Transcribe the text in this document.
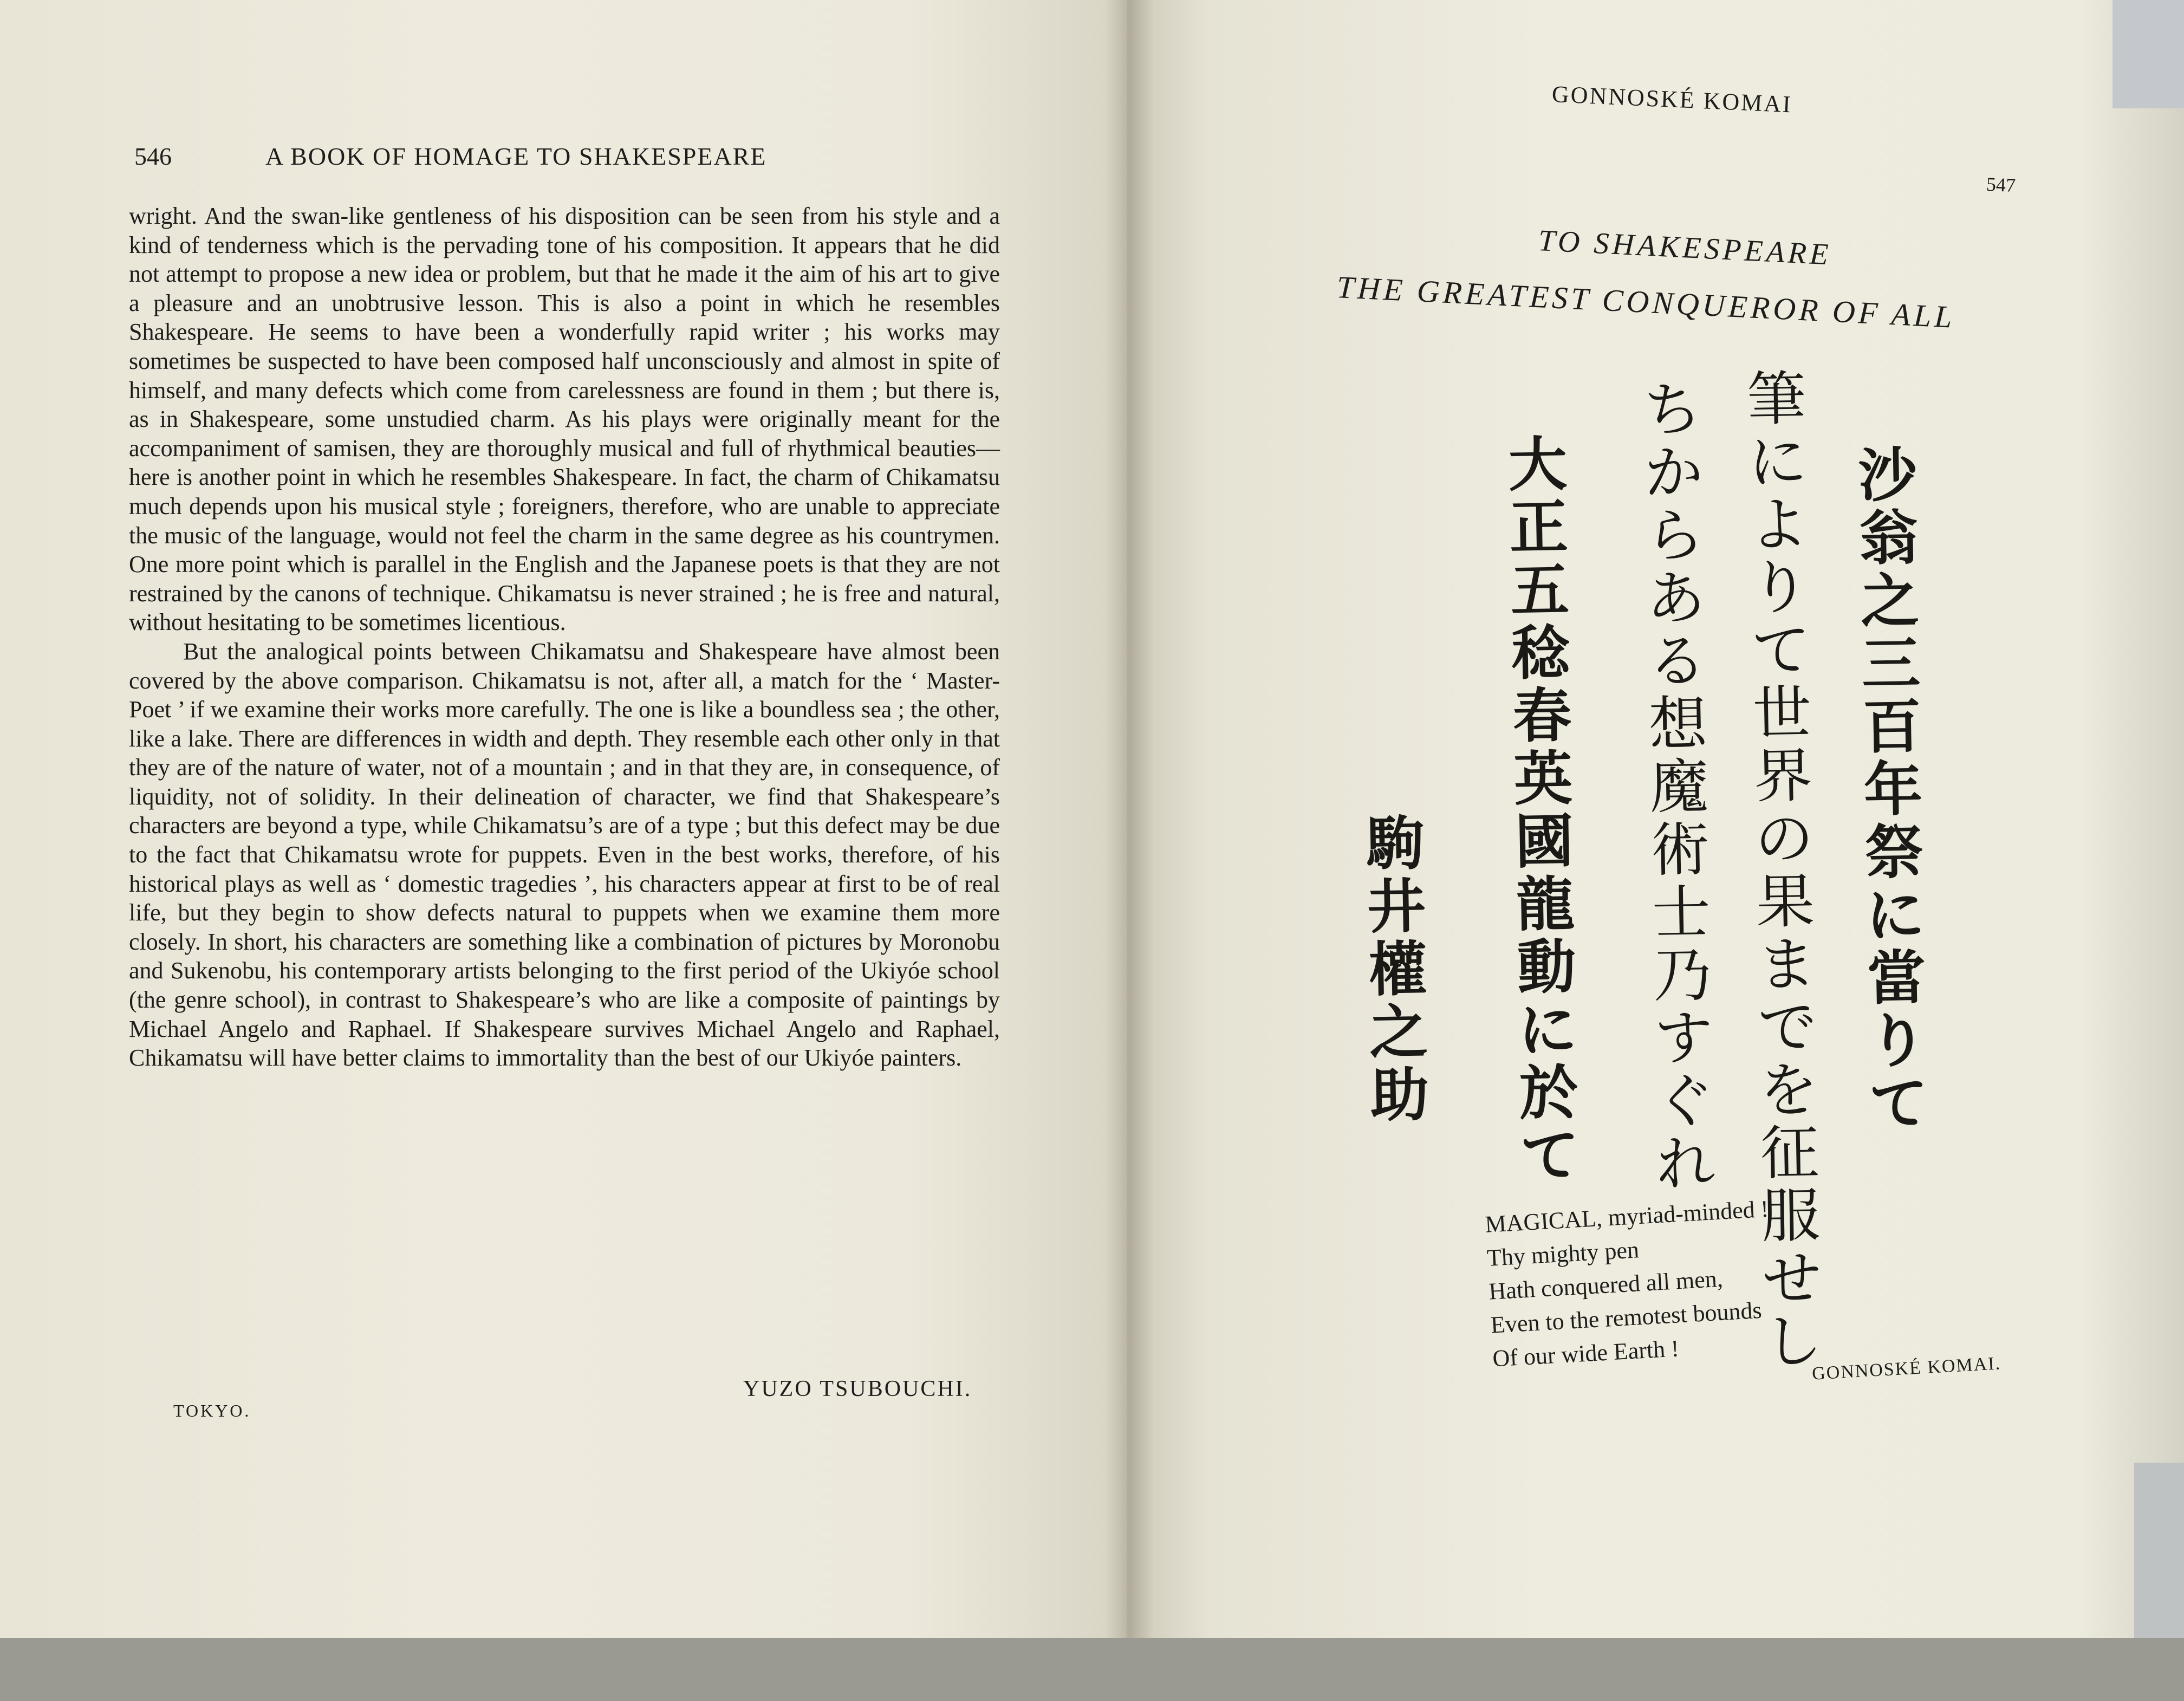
546	A BOOK OF HOMAGE TO SHAKESPEARE

wright. And the swan-like gentleness of his disposition can be seen from his style and a kind of tenderness which is the pervading tone of his composition. It appears that he did not attempt to propose a new idea or problem, but that he made it the aim of his art to give a pleasure and an unobtrusive lesson. This is also a point in which he resembles Shakespeare. He seems to have been a wonderfully rapid writer ; his works may sometimes be suspected to have been composed half unconsciously and almost in spite of himself, and many defects which come from carelessness are found in them ; but there is, as in Shakespeare, some unstudied charm. As his plays were originally meant for the accompaniment of samisen, they are thoroughly musical and full of rhythmical beauties—here is another point in which he resembles Shakespeare. In fact, the charm of Chikamatsu much depends upon his musical style ; foreigners, therefore, who are unable to appreciate the music of the language, would not feel the charm in the same degree as his countrymen. One more point which is parallel in the English and the Japanese poets is that they are not restrained by the canons of technique. Chikamatsu is never strained ; he is free and natural, without hesitating to be sometimes licentious.

But the analogical points between Chikamatsu and Shakespeare have almost been covered by the above comparison. Chikamatsu is not, after all, a match for the ‘ Master-Poet ’ if we examine their works more carefully. The one is like a boundless sea ; the other, like a lake. There are differences in width and depth. They resemble each other only in that they are of the nature of water, not of a mountain ; and in that they are, in consequence, of liquidity, not of solidity. In their delineation of character, we find that Shakespeare’s characters are beyond a type, while Chikamatsu’s are of a type ; but this defect may be due to the fact that Chikamatsu wrote for puppets. Even in the best works, therefore, of his historical plays as well as ‘ domestic tragedies ’, his characters appear at first to be of real life, but they begin to show defects natural to puppets when we examine them more closely. In short, his characters are something like a combination of pictures by Moronobu and Sukenobu, his contemporary artists belonging to the first period of the Ukiyóe school (the genre school), in contrast to Shakespeare’s who are like a composite of paintings by Michael Angelo and Raphael. If Shakespeare survives Michael Angelo and Raphael, Chikamatsu will have better claims to immortality than the best of our Ukiyóe painters.

YUZO TSUBOUCHI.
TOKYO.
GONNOSKÉ KOMAI
547
TO SHAKESPEARE
THE GREATEST CONQUEROR OF ALL
沙
翁
之
三
百
年
祭
に
當
り
て
筆
に
よ
り
て
世
界
の
果
ま
で
を
征
服
せ
し
ち
か
ら
あ
る
想
魔
術
士
乃
す
ぐ
れ
大
正
五
稔
春
英
國
龍
動
に
於
て
駒
井
權
之
助
MAGICAL, myriad-minded !
Thy mighty pen
Hath conquered all men,
Even to the remotest bounds
Of our wide Earth !	GONNOSKÉ KOMAI.
